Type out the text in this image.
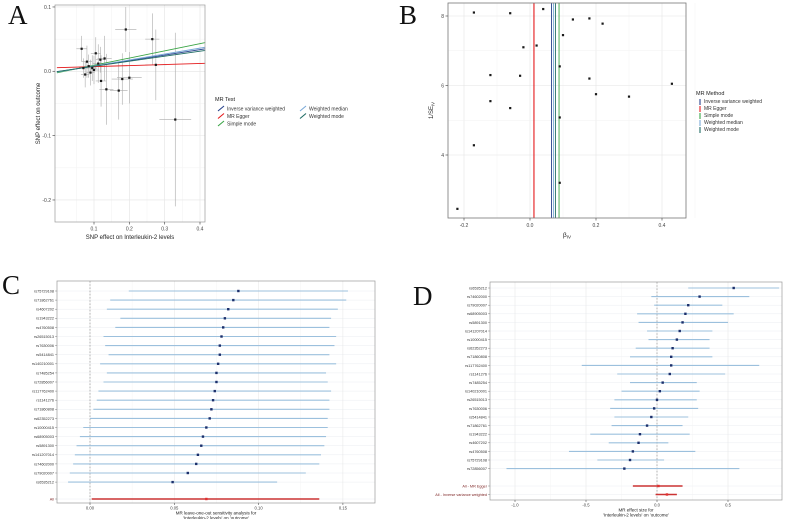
A	B
C	D
0.1	0.2	0.3	0.4
0.1
0.0
-0.1
-0.2
SNP effect on Interleukin-2 levels
SNP effect on outcome	MR Test
Inverse variance weighted
MR Egger
Simple mode
Weighted median
Weighted mode
-0.2	0.0	0.2	0.4
4
6
8
$\beta_{IV}$
$1/SE_{IV}$
MR Method
Inverse variance weighted
MR Egger
Simple mode
Weighted median
Weighted mode
rs75729108
rs71862761
rs4607202
rs1943222
rs4760508
rs26515013
rs7630006
rs5414841
rs140210001
rs7485254
rs72856007
rs117762400
rs1141276
rs71860808
rs62352273
rs10000415
rs68905003
rs5891300
rs141207014
rs74602000
rs79020007
rs6535212
All
0.00	0.05	0.10	0.15
MR leave-one-out sensitivity analysis for
'Interleukin-2 levels' on 'outcome'
rs6535212
rs74602000
rs79020007
rs68905003
rs5891300
rs141207014
rs10000415
rs62352273
rs71860808
rs117762400
rs1141276
rs7485254
rs140210001
rs26515013
rs7630006
rs5414841
rs71862761
rs1943222
rs4607202
rs4760508
rs75729108
rs72856007
All - MR Egger
All - Inverse variance weighted
-1.0	-0.5	0.0	0.5
MR effect size for
'Interleukin-2 levels' on 'outcome'
